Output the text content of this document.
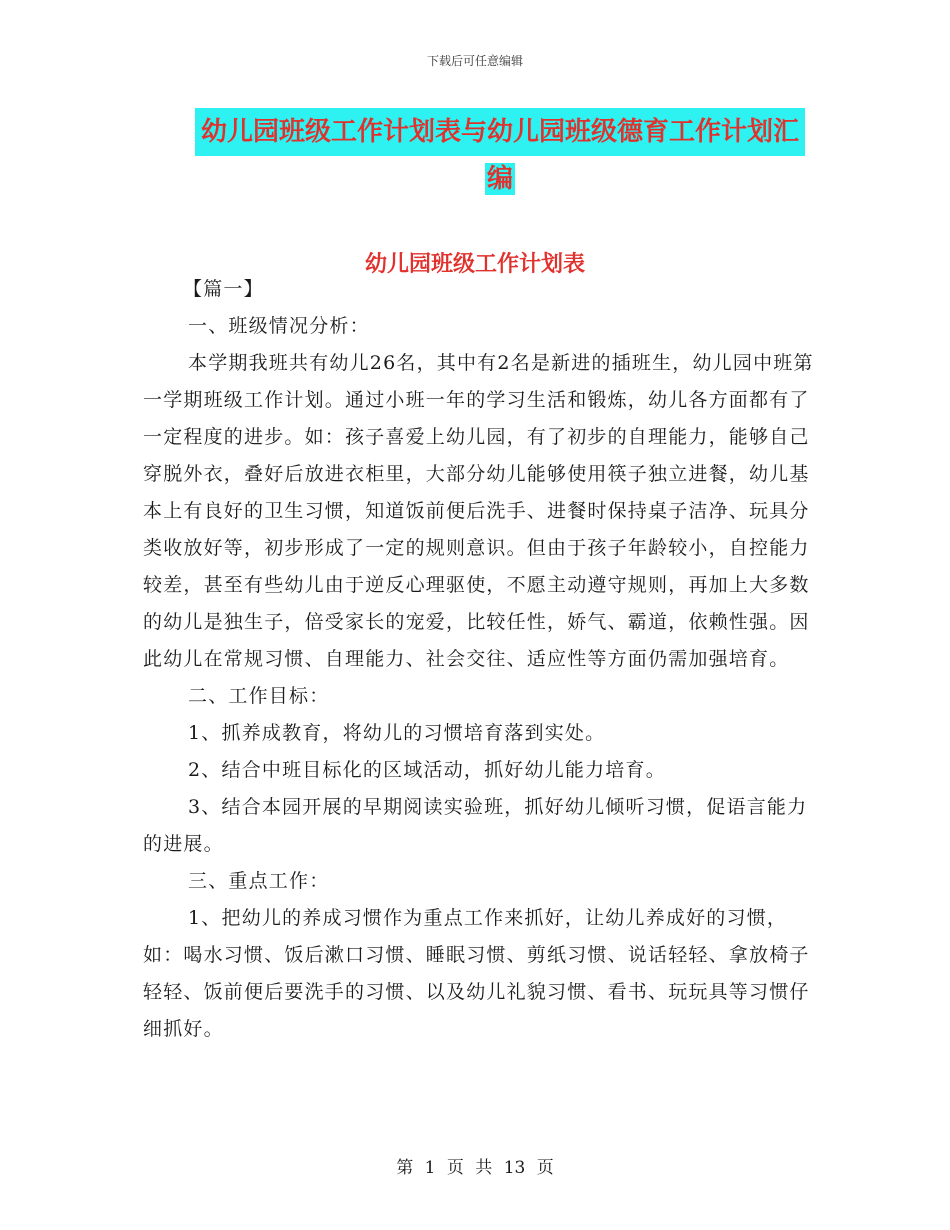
下载后可任意编辑
幼儿园班级工作计划表与幼儿园班级德育工作计划汇
编
幼儿园班级工作计划表

【篇一】

一、班级情况分析：

本学期我班共有幼儿26名，其中有2名是新进的插班生，幼儿园中班第一学期班级工作计划。通过小班一年的学习生活和锻炼，幼儿各方面都有了一定程度的进步。如：孩子喜爱上幼儿园，有了初步的自理能力，能够自己穿脱外衣，叠好后放进衣柜里，大部分幼儿能够使用筷子独立进餐，幼儿基本上有良好的卫生习惯，知道饭前便后洗手、进餐时保持桌子洁净、玩具分类收放好等，初步形成了一定的规则意识。但由于孩子年龄较小，自控能力较差，甚至有些幼儿由于逆反心理驱使，不愿主动遵守规则，再加上大多数的幼儿是独生子，倍受家长的宠爱，比较任性，娇气、霸道，依赖性强。因此幼儿在常规习惯、自理能力、社会交往、适应性等方面仍需加强培育。

二、工作目标：

1、抓养成教育，将幼儿的习惯培育落到实处。

2、结合中班目标化的区域活动，抓好幼儿能力培育。

3、结合本园开展的早期阅读实验班，抓好幼儿倾听习惯，促语言能力的进展。

三、重点工作：

1、把幼儿的养成习惯作为重点工作来抓好，让幼儿养成好的习惯，如：喝水习惯、饭后漱口习惯、睡眠习惯、剪纸习惯、说话轻轻、拿放椅子轻轻、饭前便后要洗手的习惯、以及幼儿礼貌习惯、看书、玩玩具等习惯仔细抓好。

第 1 页 共 13 页
